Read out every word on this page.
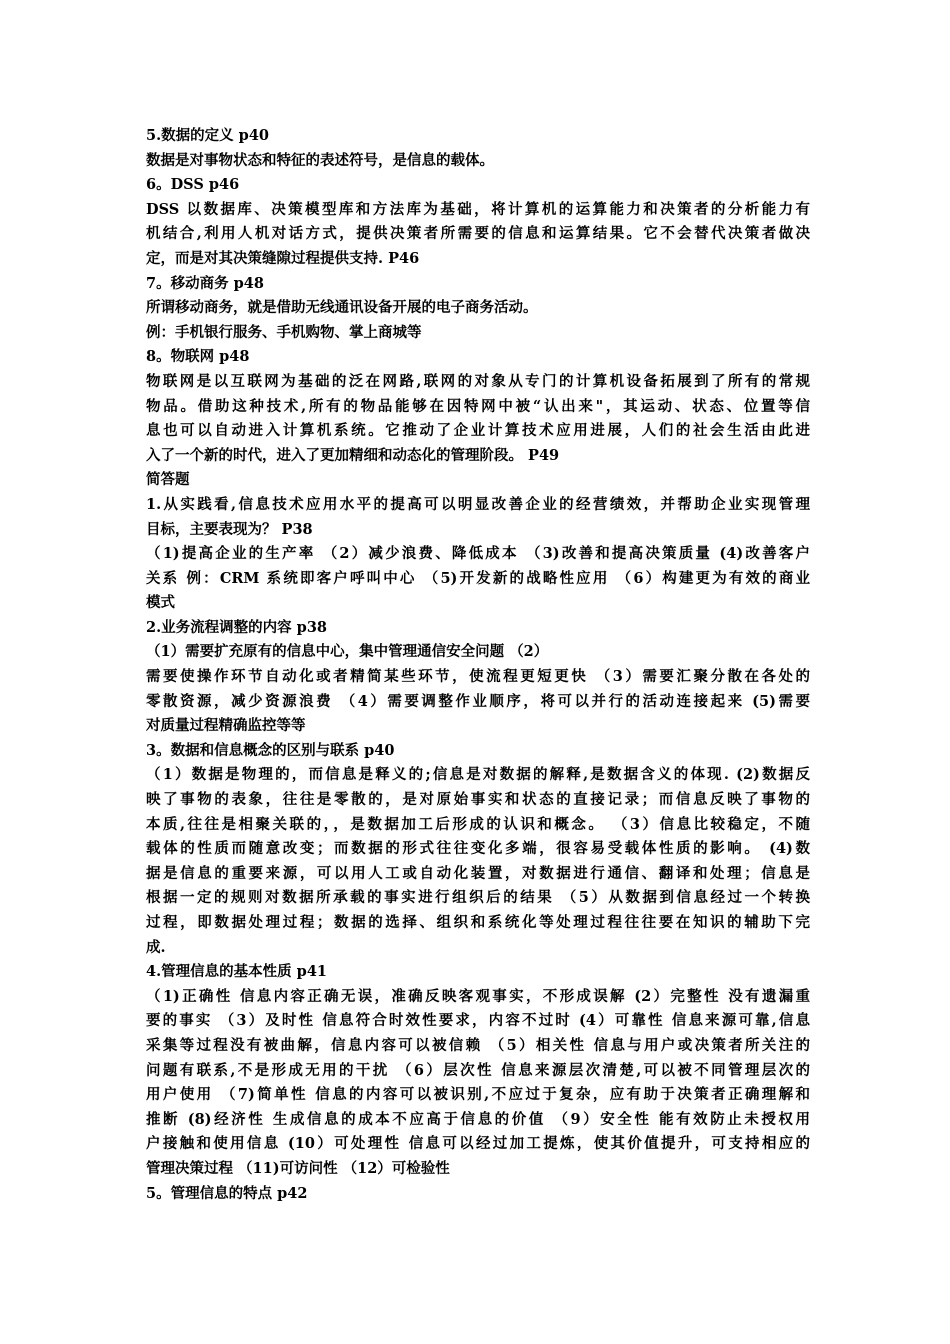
5.数据的定义 p40
数据是对事物状态和特征的表述符号，是信息的载体。
6。DSS p46
DSS 以数据库、决策模型库和方法库为基础，将计算机的运算能力和决策者的分析能力有
机结合,利用人机对话方式，提供决策者所需要的信息和运算结果。它不会替代决策者做决
定，而是对其决策缝隙过程提供支持. P46
7。移动商务 p48
所谓移动商务，就是借助无线通讯设备开展的电子商务活动。
例：手机银行服务、手机购物、掌上商城等
8。物联网 p48
物联网是以互联网为基础的泛在网路,联网的对象从专门的计算机设备拓展到了所有的常规
物品。借助这种技术,所有的物品能够在因特网中被“认出来"，其运动、状态、位置等信
息也可以自动进入计算机系统。它推动了企业计算技术应用进展，人们的社会生活由此进
入了一个新的时代，进入了更加精细和动态化的管理阶段。 P49
简答题
1.从实践看,信息技术应用水平的提高可以明显改善企业的经营绩效，并帮助企业实现管理
目标，主要表现为？ P38
（1)提高企业的生产率 （2）减少浪费、降低成本 （3)改善和提高决策质量 (4)改善客户
关系 例：CRM 系统即客户呼叫中心 （5)开发新的战略性应用 （6）构建更为有效的商业
模式
2.业务流程调整的内容 p38
（1）需要扩充原有的信息中心，集中管理通信安全问题 （2）
需要使操作环节自动化或者精简某些环节，使流程更短更快 （3）需要汇聚分散在各处的
零散资源，减少资源浪费 （4）需要调整作业顺序，将可以并行的活动连接起来 (5)需要
对质量过程精确监控等等
3。数据和信息概念的区别与联系 p40
（1）数据是物理的，而信息是释义的;信息是对数据的解释,是数据含义的体现. (2)数据反
映了事物的表象，往往是零散的，是对原始事实和状态的直接记录；而信息反映了事物的
本质,往往是相聚关联的，，是数据加工后形成的认识和概念。 （3）信息比较稳定，不随
载体的性质而随意改变；而数据的形式往往变化多端，很容易受载体性质的影响。 (4)数
据是信息的重要来源，可以用人工或自动化装置，对数据进行通信、翻译和处理；信息是
根据一定的规则对数据所承载的事实进行组织后的结果 （5）从数据到信息经过一个转换
过程，即数据处理过程；数据的选择、组织和系统化等处理过程往往要在知识的辅助下完
成.
4.管理信息的基本性质 p41
（1)正确性 信息内容正确无误，准确反映客观事实，不形成误解 (2）完整性 没有遗漏重
要的事实 （3）及时性 信息符合时效性要求，内容不过时 (4）可靠性 信息来源可靠,信息
采集等过程没有被曲解，信息内容可以被信赖 （5）相关性 信息与用户或决策者所关注的
问题有联系,不是形成无用的干扰 （6）层次性 信息来源层次清楚,可以被不同管理层次的
用户使用 （7)简单性 信息的内容可以被识别,不应过于复杂，应有助于决策者正确理解和
推断 (8)经济性 生成信息的成本不应高于信息的价值 （9）安全性 能有效防止未授权用
户接触和使用信息 (10）可处理性 信息可以经过加工提炼，使其价值提升，可支持相应的
管理决策过程 （11)可访问性 （12）可检验性
5。管理信息的特点 p42
